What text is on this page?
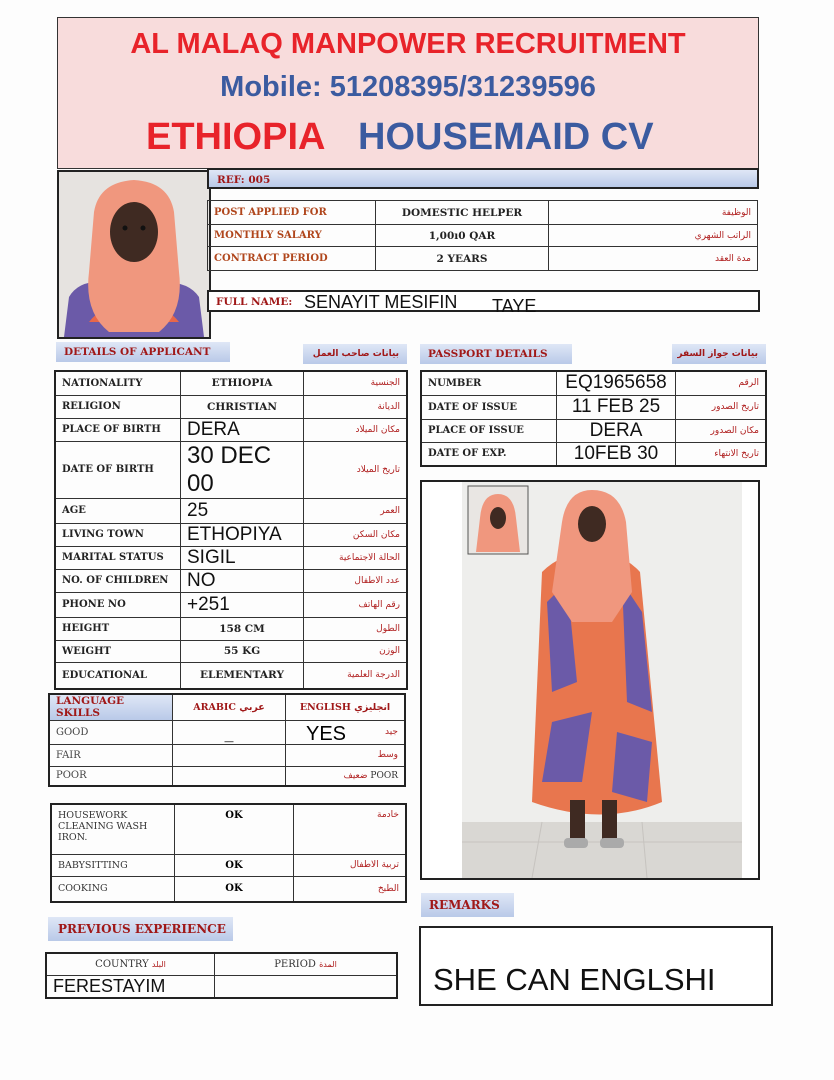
AL MALAQ MANPOWER RECRUITMENT
Mobile: 51208395/31239596
ETHIOPIA HOUSEMAID CV
REF: 005
POST APPLIED FOR	DOMESTIC HELPER	الوظيفة
MONTHLY SALARY	1,00ı0 QAR	الراتب الشهري
CONTRACT PERIOD	2 YEARS	مدة العقد
FULL NAME: SENAYIT MESIFIN TAYE
DETAILS OF APPLICANT	بيانات صاحب العمل
NATIONALITY	ETHIOPIA	الجنسية
RELIGION	CHRISTIAN	الديانة
PLACE OF BIRTH	DERA	مكان الميلاد
DATE OF BIRTH	30 DEC 00	تاريخ الميلاد
AGE	25	العمر
LIVING TOWN	ETHOPIYA	مكان السكن
MARITAL STATUS	SIGIL	الحالة الاجتماعية
NO. OF CHILDREN	NO	عدد الاطفال
PHONE NO	+251	رقم الهاتف
HEIGHT	158 CM	الطول
WEIGHT	55 KG	الوزن
EDUCATIONAL	ELEMENTARY	الدرجة العلمية
PASSPORT DETAILS	بيانات جواز السفر
NUMBER	EQ1965658	الرقم
DATE OF ISSUE	11 FEB 25	تاريخ الصدور
PLACE OF ISSUE	DERA	مكان الصدور
DATE OF EXP.	10FEB 30	تاريخ الانتهاء
LANGUAGE SKILLS	ARABIC عربي	ENGLISH انجليزي
GOOD	_	YES جيد

FAIR		وسط
POOR		POOR ضعيف
HOUSEWORK
CLEANING WASH
IRON.	OK	خادمة
BABYSITTING	OK	تربية الاطفال
COOKING	OK	الطبخ
REMARKS
SHE CAN ENGLSHI
PREVIOUS EXPERIENCE
COUNTRY البلد	PERIOD المدة
FERESTAYIM	
